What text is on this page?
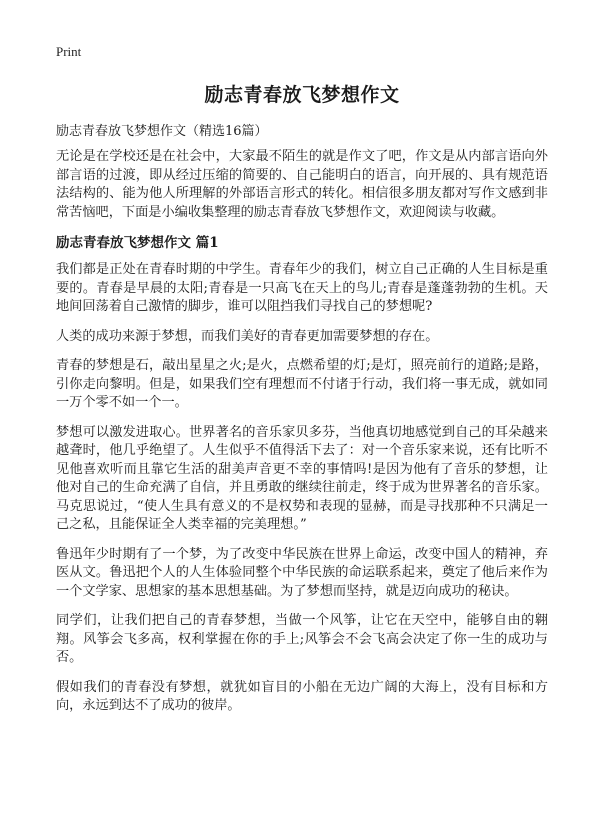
Print
励志青春放飞梦想作文
励志青春放飞梦想作文（精选16篇）

无论是在学校还是在社会中，大家最不陌生的就是作文了吧，作文是从内部言语向外部言语的过渡，即从经过压缩的简要的、自己能明白的语言，向开展的、具有规范语法结构的、能为他人所理解的外部语言形式的转化。相信很多朋友都对写作文感到非常苦恼吧，下面是小编收集整理的励志青春放飞梦想作文，欢迎阅读与收藏。

励志青春放飞梦想作文 篇1

我们都是正处在青春时期的中学生。青春年少的我们，树立自己正确的人生目标是重要的。青春是早晨的太阳;青春是一只高飞在天上的鸟儿;青春是蓬蓬勃勃的生机。天地间回荡着自己激情的脚步，谁可以阻挡我们寻找自己的梦想呢?

人类的成功来源于梦想，而我们美好的青春更加需要梦想的存在。

青春的梦想是石，敲出星星之火;是火，点燃希望的灯;是灯，照亮前行的道路;是路，引你走向黎明。但是，如果我们空有理想而不付诸于行动，我们将一事无成，就如同一万个零不如一个一。

梦想可以激发进取心。世界著名的音乐家贝多芬，当他真切地感觉到自己的耳朵越来越聋时，他几乎绝望了。人生似乎不值得活下去了：对一个音乐家来说，还有比听不见他喜欢听而且靠它生活的甜美声音更不幸的事情吗!是因为他有了音乐的梦想，让他对自己的生命充满了自信，并且勇敢的继续往前走，终于成为世界著名的音乐家。马克思说过，“使人生具有意义的不是权势和表现的显赫，而是寻找那种不只满足一己之私，且能保证全人类幸福的完美理想。”

鲁迅年少时期有了一个梦，为了改变中华民族在世界上命运，改变中国人的精神，弃医从文。鲁迅把个人的人生体验同整个中华民族的命运联系起来，奠定了他后来作为一个文学家、思想家的基本思想基础。为了梦想而坚持，就是迈向成功的秘诀。

同学们，让我们把自己的青春梦想，当做一个风筝，让它在天空中，能够自由的翱翔。风筝会飞多高，权利掌握在你的手上;风筝会不会飞高会决定了你一生的成功与否。

假如我们的青春没有梦想，就犹如盲目的小船在无边广阔的大海上，没有目标和方向，永远到达不了成功的彼岸。
